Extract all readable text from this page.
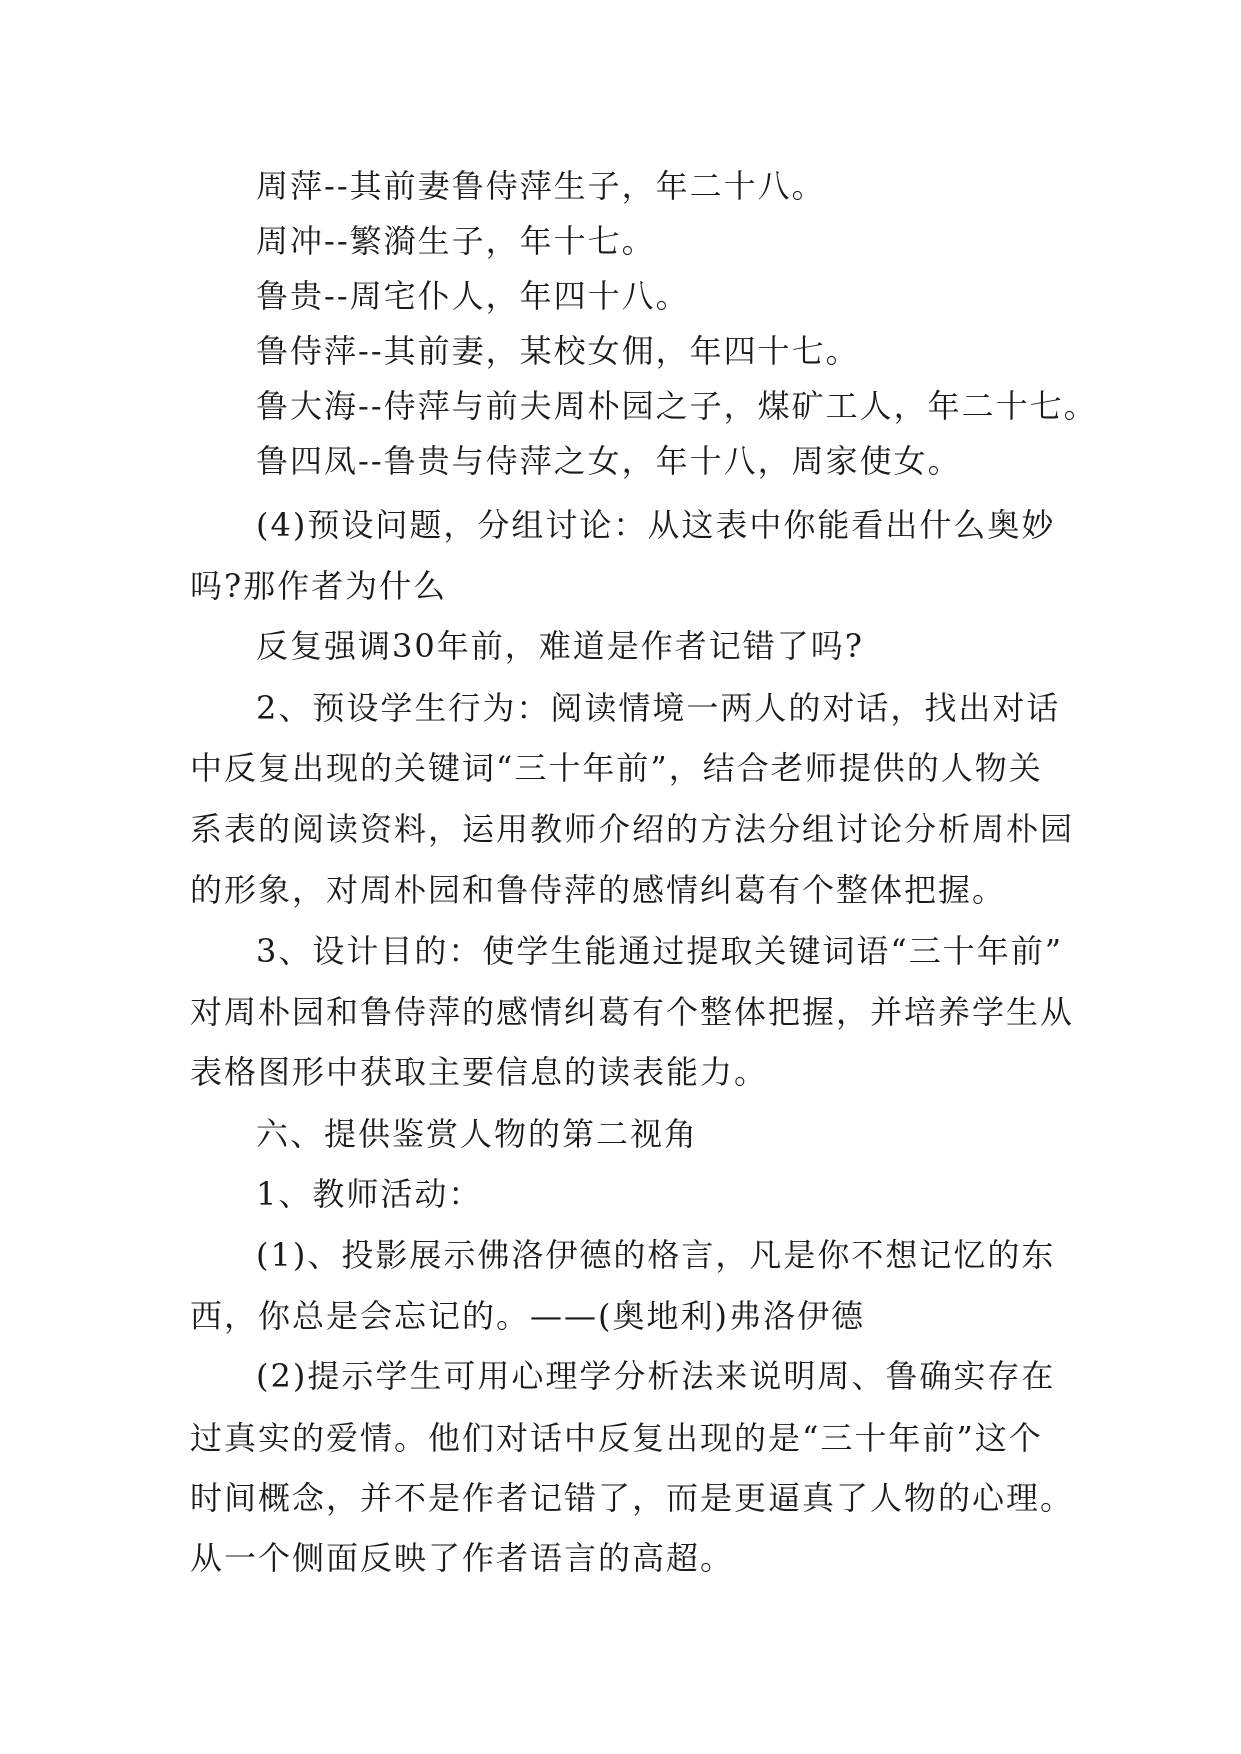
周萍--其前妻鲁侍萍生子，年二十八。
周冲--繁漪生子，年十七。
鲁贵--周宅仆人，年四十八。
鲁侍萍--其前妻，某校女佣，年四十七。
鲁大海--侍萍与前夫周朴园之子，煤矿工人，年二十七。
鲁四凤--鲁贵与侍萍之女，年十八，周家使女。
(4)预设问题，分组讨论：从这表中你能看出什么奥妙
吗?那作者为什么
反复强调30年前，难道是作者记错了吗?
2、预设学生行为：阅读情境一两人的对话，找出对话
中反复出现的关键词“三十年前”，结合老师提供的人物关
系表的阅读资料，运用教师介绍的方法分组讨论分析周朴园
的形象，对周朴园和鲁侍萍的感情纠葛有个整体把握。
3、设计目的：使学生能通过提取关键词语“三十年前”
对周朴园和鲁侍萍的感情纠葛有个整体把握，并培养学生从
表格图形中获取主要信息的读表能力。
六、提供鉴赏人物的第二视角
1、教师活动：
(1)、投影展示佛洛伊德的格言，凡是你不想记忆的东
西，你总是会忘记的。——(奥地利)弗洛伊德
(2)提示学生可用心理学分析法来说明周、鲁确实存在
过真实的爱情。他们对话中反复出现的是“三十年前”这个
时间概念，并不是作者记错了，而是更逼真了人物的心理。
从一个侧面反映了作者语言的高超。
